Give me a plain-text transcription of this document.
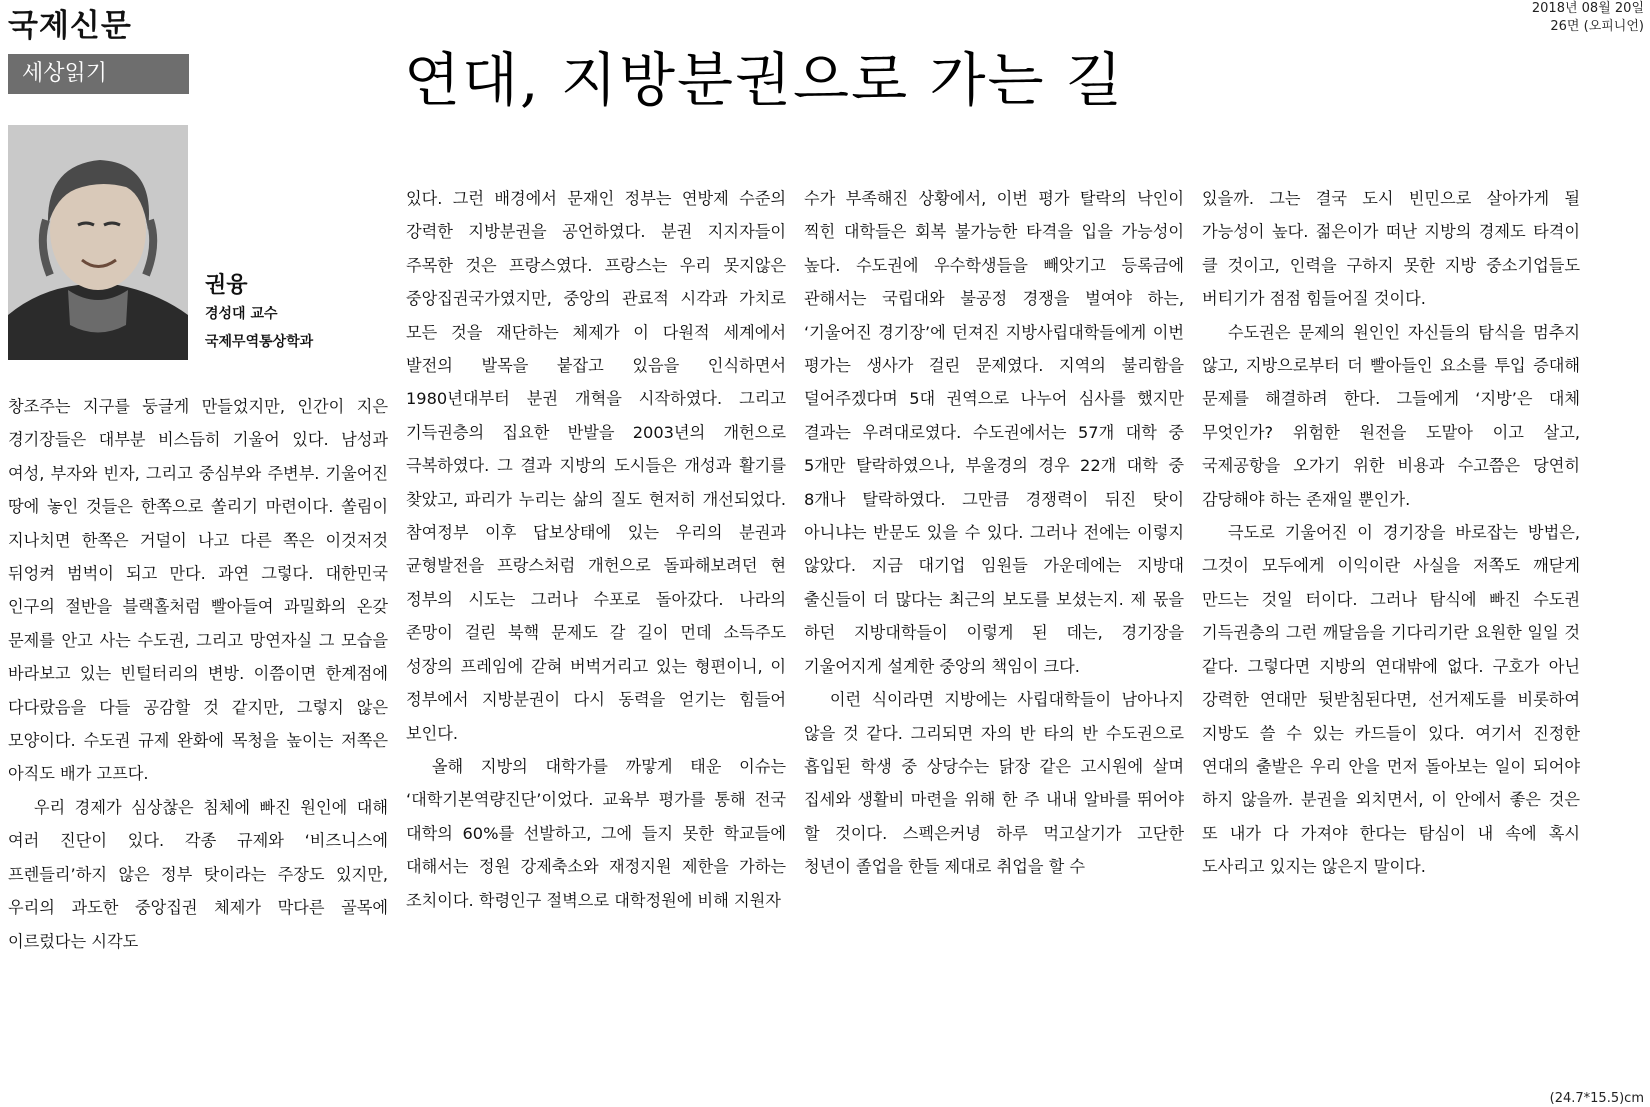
국제신문	2018년 08월 20일
26면 (오피니언)
세상읽기	연대, 지방분권으로 가는 길
권융
경성대 교수
국제무역통상학과

창조주는 지구를 둥글게 만들었지만, 인간이 지은 경기장들은 대부분 비스듬히 기울어 있다. 남성과 여성, 부자와 빈자, 그리고 중심부와 주변부. 기울어진 땅에 놓인 것들은 한쪽으로 쏠리기 마련이다. 쏠림이 지나치면 한쪽은 거덜이 나고 다른 쪽은 이것저것 뒤엉켜 범벅이 되고 만다. 과연 그렇다. 대한민국 인구의 절반을 블랙홀처럼 빨아들여 과밀화의 온갖 문제를 안고 사는 수도권, 그리고 망연자실 그 모습을 바라보고 있는 빈털터리의 변방. 이쯤이면 한계점에 다다랐음을 다들 공감할 것 같지만, 그렇지 않은 모양이다. 수도권 규제 완화에 목청을 높이는 저쪽은 아직도 배가 고프다.

우리 경제가 심상찮은 침체에 빠진 원인에 대해 여러 진단이 있다. 각종 규제와 ‘비즈니스에 프렌들리’하지 않은 정부 탓이라는 주장도 있지만, 우리의 과도한 중앙집권 체제가 막다른 골목에 이르렀다는 시각도

있다. 그런 배경에서 문재인 정부는 연방제 수준의 강력한 지방분권을 공언하였다. 분권 지지자들이 주목한 것은 프랑스였다. 프랑스는 우리 못지않은 중앙집권국가였지만, 중앙의 관료적 시각과 가치로 모든 것을 재단하는 체제가 이 다원적 세계에서 발전의 발목을 붙잡고 있음을 인식하면서 1980년대부터 분권 개혁을 시작하였다. 그리고 기득권층의 집요한 반발을 2003년의 개헌으로 극복하였다. 그 결과 지방의 도시들은 개성과 활기를 찾았고, 파리가 누리는 삶의 질도 현저히 개선되었다. 참여정부 이후 답보상태에 있는 우리의 분권과 균형발전을 프랑스처럼 개헌으로 돌파해보려던 현 정부의 시도는 그러나 수포로 돌아갔다. 나라의 존망이 걸린 북핵 문제도 갈 길이 먼데 소득주도 성장의 프레임에 갇혀 버벅거리고 있는 형편이니, 이 정부에서 지방분권이 다시 동력을 얻기는 힘들어 보인다.

올해 지방의 대학가를 까맣게 태운 이슈는 ‘대학기본역량진단’이었다. 교육부 평가를 통해 전국 대학의 60%를 선발하고, 그에 들지 못한 학교들에 대해서는 정원 강제축소와 재정지원 제한을 가하는 조치이다. 학령인구 절벽으로 대학정원에 비해 지원자

수가 부족해진 상황에서, 이번 평가 탈락의 낙인이 찍힌 대학들은 회복 불가능한 타격을 입을 가능성이 높다. 수도권에 우수학생들을 빼앗기고 등록금에 관해서는 국립대와 불공정 경쟁을 벌여야 하는, ‘기울어진 경기장’에 던져진 지방사립대학들에게 이번 평가는 생사가 걸린 문제였다. 지역의 불리함을 덜어주겠다며 5대 권역으로 나누어 심사를 했지만 결과는 우려대로였다. 수도권에서는 57개 대학 중 5개만 탈락하였으나, 부울경의 경우 22개 대학 중 8개나 탈락하였다. 그만큼 경쟁력이 뒤진 탓이 아니냐는 반문도 있을 수 있다. 그러나 전에는 이렇지 않았다. 지금 대기업 임원들 가운데에는 지방대 출신들이 더 많다는 최근의 보도를 보셨는지. 제 몫을 하던 지방대학들이 이렇게 된 데는, 경기장을 기울어지게 설계한 중앙의 책임이 크다.

이런 식이라면 지방에는 사립대학들이 남아나지 않을 것 같다. 그리되면 자의 반 타의 반 수도권으로 흡입된 학생 중 상당수는 닭장 같은 고시원에 살며 집세와 생활비 마련을 위해 한 주 내내 알바를 뛰어야 할 것이다. 스펙은커녕 하루 먹고살기가 고단한 청년이 졸업을 한들 제대로 취업을 할 수

있을까. 그는 결국 도시 빈민으로 살아가게 될 가능성이 높다. 젊은이가 떠난 지방의 경제도 타격이 클 것이고, 인력을 구하지 못한 지방 중소기업들도 버티기가 점점 힘들어질 것이다.

수도권은 문제의 원인인 자신들의 탐식을 멈추지 않고, 지방으로부터 더 빨아들인 요소를 투입 증대해 문제를 해결하려 한다. 그들에게 ‘지방’은 대체 무엇인가? 위험한 원전을 도맡아 이고 살고, 국제공항을 오가기 위한 비용과 수고쯤은 당연히 감당해야 하는 존재일 뿐인가.

극도로 기울어진 이 경기장을 바로잡는 방법은, 그것이 모두에게 이익이란 사실을 저쪽도 깨닫게 만드는 것일 터이다. 그러나 탐식에 빠진 수도권 기득권층의 그런 깨달음을 기다리기란 요원한 일일 것 같다. 그렇다면 지방의 연대밖에 없다. 구호가 아닌 강력한 연대만 뒷받침된다면, 선거제도를 비롯하여 지방도 쓸 수 있는 카드들이 있다. 여기서 진정한 연대의 출발은 우리 안을 먼저 돌아보는 일이 되어야 하지 않을까. 분권을 외치면서, 이 안에서 좋은 것은 또 내가 다 가져야 한다는 탐심이 내 속에 혹시 도사리고 있지는 않은지 말이다.

(24.7*15.5)cm
